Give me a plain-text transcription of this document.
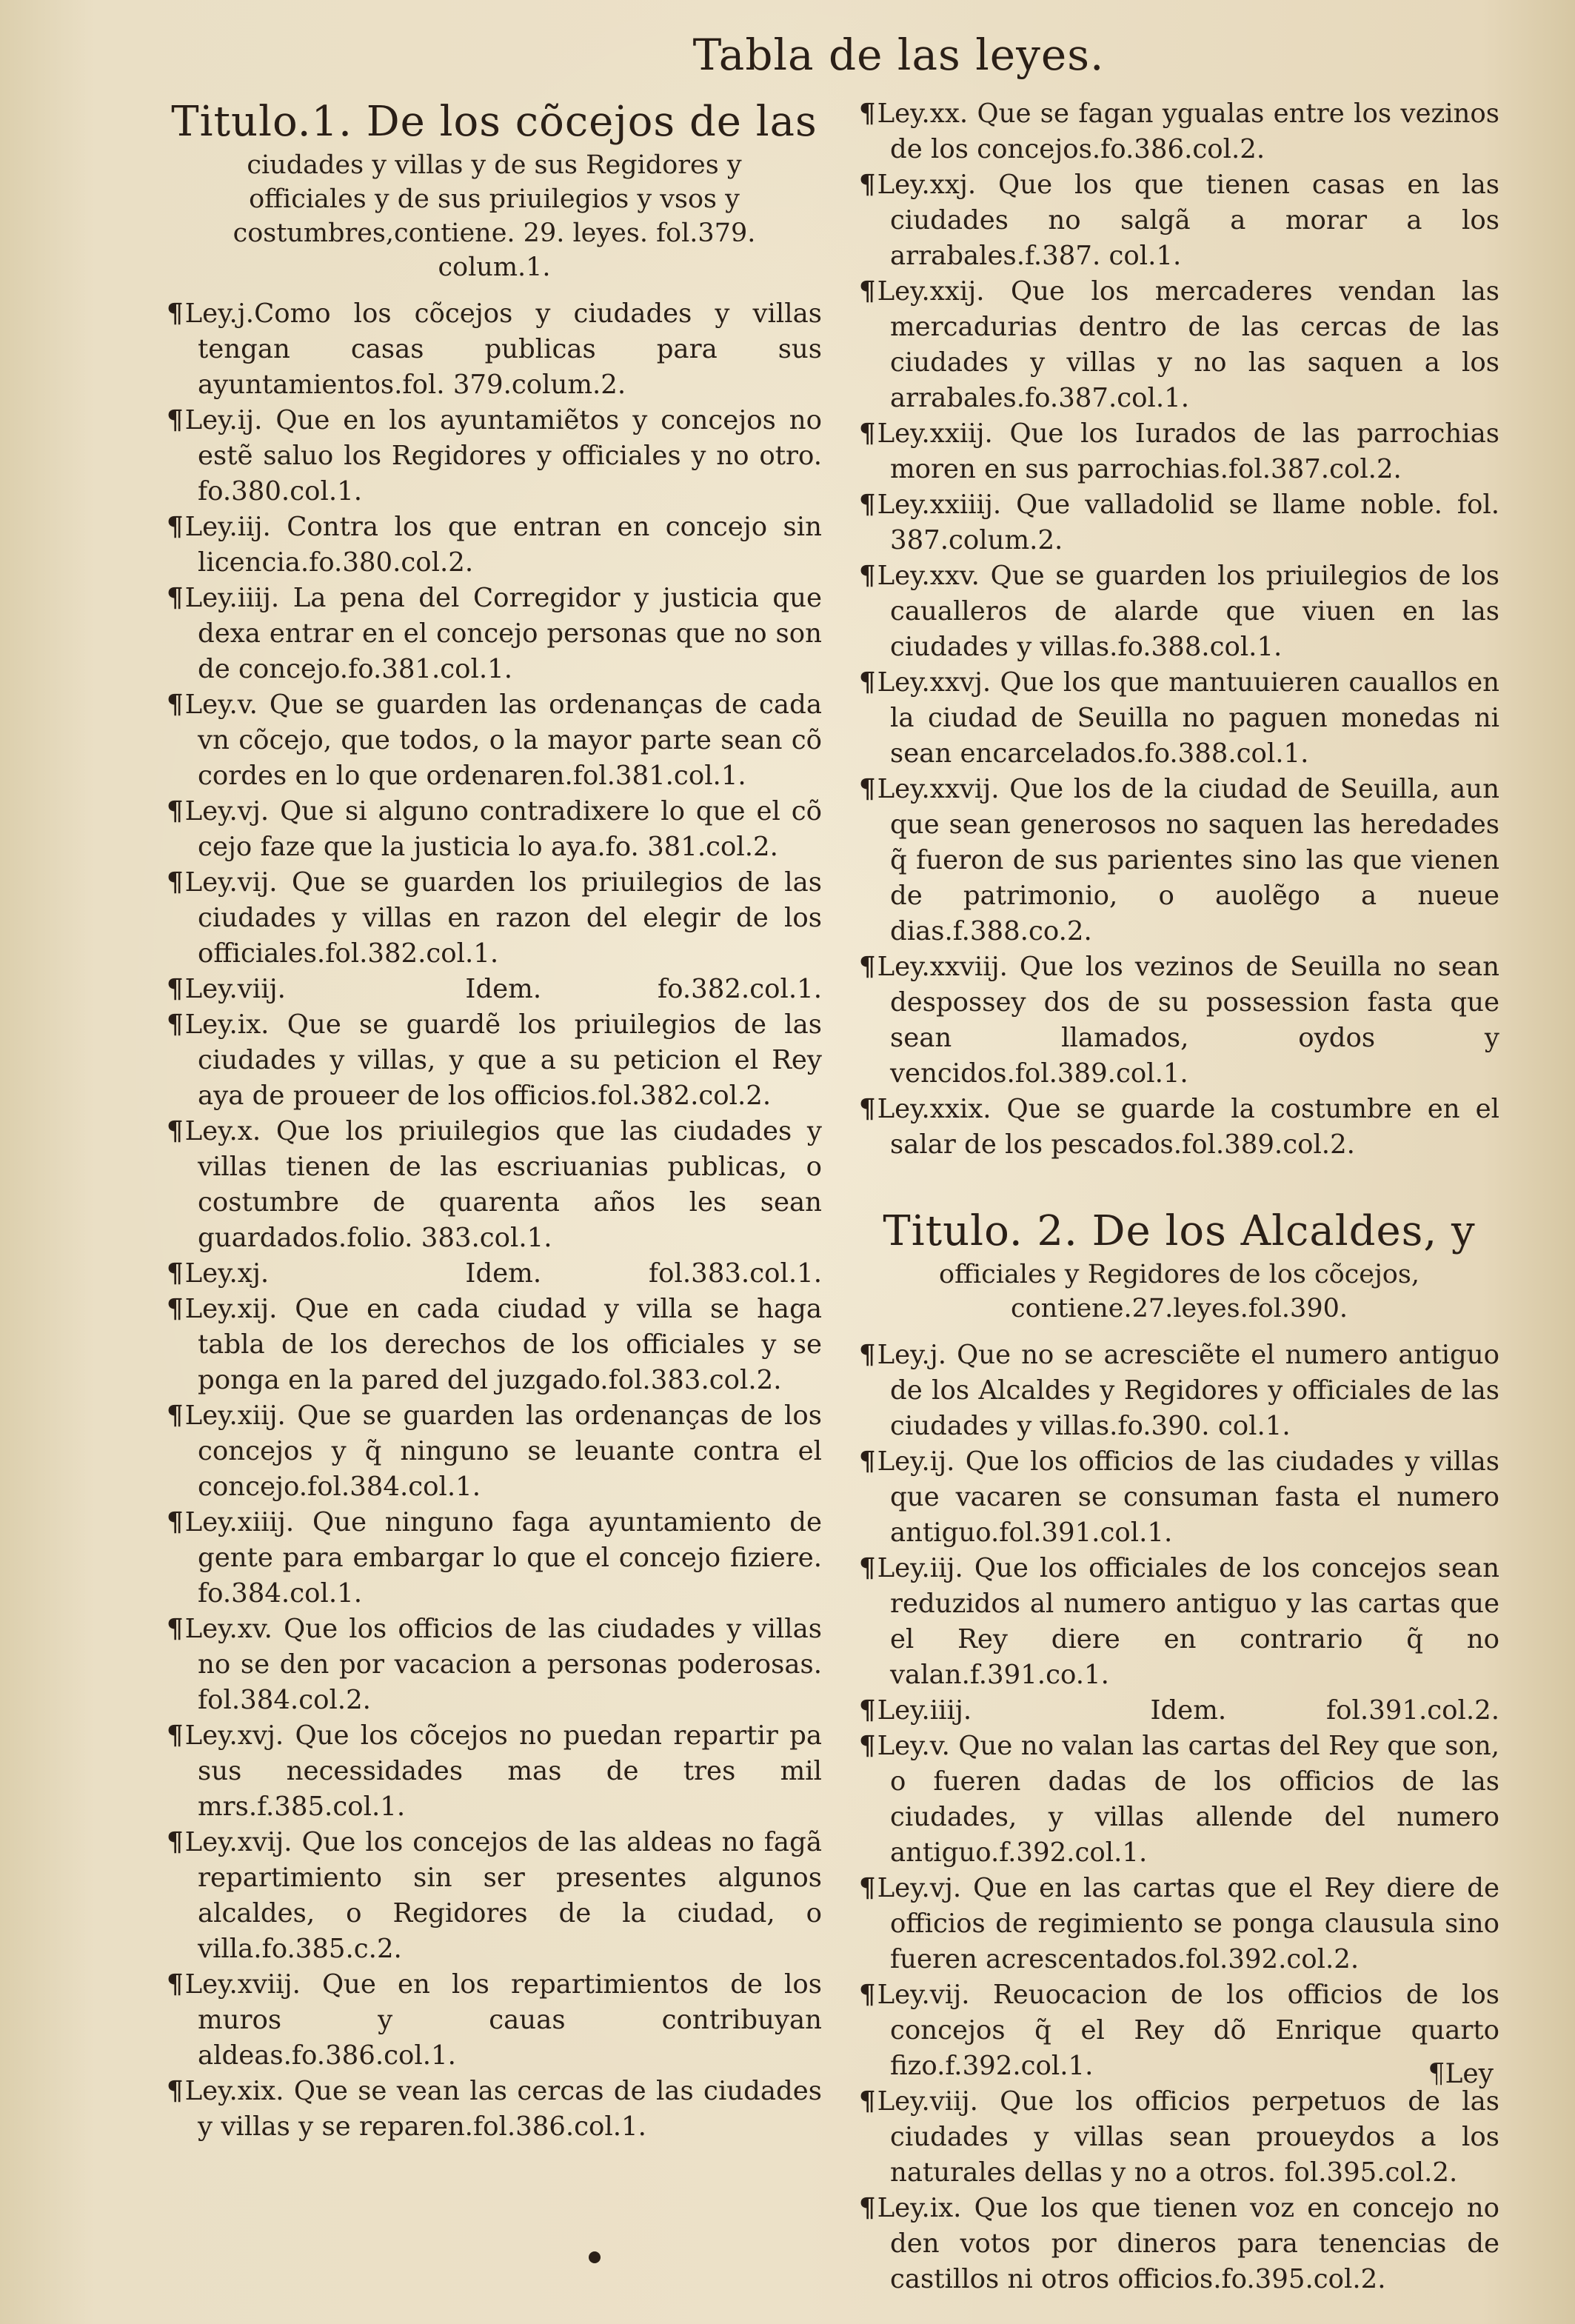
Tabla de las leyes.
Titulo.1. De los cõcejos de las
ciudades y villas y de sus Regidores y officiales y de sus priuilegios y vsos y costumbres,contiene. 29. leyes. fol.379. colum.1.
¶Ley.j.Como los cõcejos y ciudades y villas tengan casas publicas para sus ayuntamientos.fol. 379.colum.2.
¶Ley.ij. Que en los ayuntamiẽtos y concejos no estẽ saluo los Regidores y officiales y no otro. fo.380.col.1.
¶Ley.iij. Contra los que entran en concejo sin licencia.fo.380.col.2.
¶Ley.iiij. La pena del Corregidor y justicia que dexa entrar en el concejo personas que no son de concejo.fo.381.col.1.
¶Ley.v. Que se guarden las ordenanças de cada vn cõcejo, que todos, o la mayor parte sean cõ cordes en lo que ordenaren.fol.381.col.1.
¶Ley.vj. Que si alguno contradixere lo que el cõ cejo faze que la justicia lo aya.fo. 381.col.2.
¶Ley.vij. Que se guarden los priuilegios de las ciudades y villas en razon del elegir de los officiales.fol.382.col.1.
¶ Ley.viij.	Idem.	fo.382.col.1.
¶Ley.ix. Que se guardẽ los priuilegios de las ciudades y villas, y que a su peticion el Rey aya de proueer de los officios.fol.382.col.2.
¶Ley.x. Que los priuilegios que las ciudades y villas tienen de las escriuanias publicas, o costumbre de quarenta años les sean guardados.folio. 383.col.1.
¶ Ley.xj.	Idem.	fol.383.col.1.
¶Ley.xij. Que en cada ciudad y villa se haga tabla de los derechos de los officiales y se ponga en la pared del juzgado.fol.383.col.2.
¶Ley.xiij. Que se guarden las ordenanças de los concejos y q̃ ninguno se leuante contra el concejo.fol.384.col.1.
¶Ley.xiiij. Que ninguno faga ayuntamiento de gente para embargar lo que el concejo fiziere. fo.384.col.1.
¶Ley.xv. Que los officios de las ciudades y villas no se den por vacacion a personas poderosas. fol.384.col.2.
¶Ley.xvj. Que los cõcejos no puedan repartir pa sus necessidades mas de tres mil mrs.f.385.col.1.
¶Ley.xvij. Que los concejos de las aldeas no fagã repartimiento sin ser presentes algunos alcaldes, o Regidores de la ciudad, o villa.fo.385.c.2.
¶Ley.xviij. Que en los repartimientos de los muros y cauas contribuyan aldeas.fo.386.col.1.
¶Ley.xix. Que se vean las cercas de las ciudades y villas y se reparen.fol.386.col.1.
¶Ley.xx. Que se fagan ygualas entre los vezinos de los concejos.fo.386.col.2.
¶Ley.xxj. Que los que tienen casas en las ciudades no salgã a morar a los arrabales.f.387. col.1.
¶Ley.xxij. Que los mercaderes vendan las mercadurias dentro de las cercas de las ciudades y villas y no las saquen a los arrabales.fo.387.col.1.
¶Ley.xxiij. Que los Iurados de las parrochias moren en sus parrochias.fol.387.col.2.
¶Ley.xxiiij. Que valladolid se llame noble. fol. 387.colum.2.
¶Ley.xxv. Que se guarden los priuilegios de los caualleros de alarde que viuen en las ciudades y villas.fo.388.col.1.
¶Ley.xxvj. Que los que mantuuieren cauallos en la ciudad de Seuilla no paguen monedas ni sean encarcelados.fo.388.col.1.
¶Ley.xxvij. Que los de la ciudad de Seuilla, aun que sean generosos no saquen las heredades q̃ fueron de sus parientes sino las que vienen de patrimonio, o auolẽgo a nueue dias.f.388.co.2.
¶Ley.xxviij. Que los vezinos de Seuilla no sean despossey dos de su possession fasta que sean llamados, oydos y vencidos.fol.389.col.1.
¶Ley.xxix. Que se guarde la costumbre en el salar de los pescados.fol.389.col.2.
Titulo. 2. De los Alcaldes, y
officiales y Regidores de los cõcejos, contiene.27.leyes.fol.390.
¶Ley.j. Que no se acresciẽte el numero antiguo de los Alcaldes y Regidores y officiales de las ciudades y villas.fo.390. col.1.
¶Ley.ij. Que los officios de las ciudades y villas que vacaren se consuman fasta el numero antiguo.fol.391.col.1.
¶Ley.iij. Que los officiales de los concejos sean reduzidos al numero antiguo y las cartas que el Rey diere en contrario q̃ no valan.f.391.co.1.
¶ Ley.iiij.	Idem.	fol.391.col.2.
¶Ley.v. Que no valan las cartas del Rey que son, o fueren dadas de los officios de las ciudades, y villas allende del numero antiguo.f.392.col.1.
¶Ley.vj. Que en las cartas que el Rey diere de officios de regimiento se ponga clausula sino fueren acrescentados.fol.392.col.2.
¶Ley.vij. Reuocacion de los officios de los concejos q̃ el Rey dõ Enrique quarto fizo.f.392.col.1.
¶Ley.viij. Que los officios perpetuos de las ciudades y villas sean proueydos a los naturales dellas y no a otros. fol.395.col.2.
¶Ley.ix. Que los que tienen voz en concejo no den votos por dineros para tenencias de castillos ni otros officios.fo.395.col.2.
¶Ley
